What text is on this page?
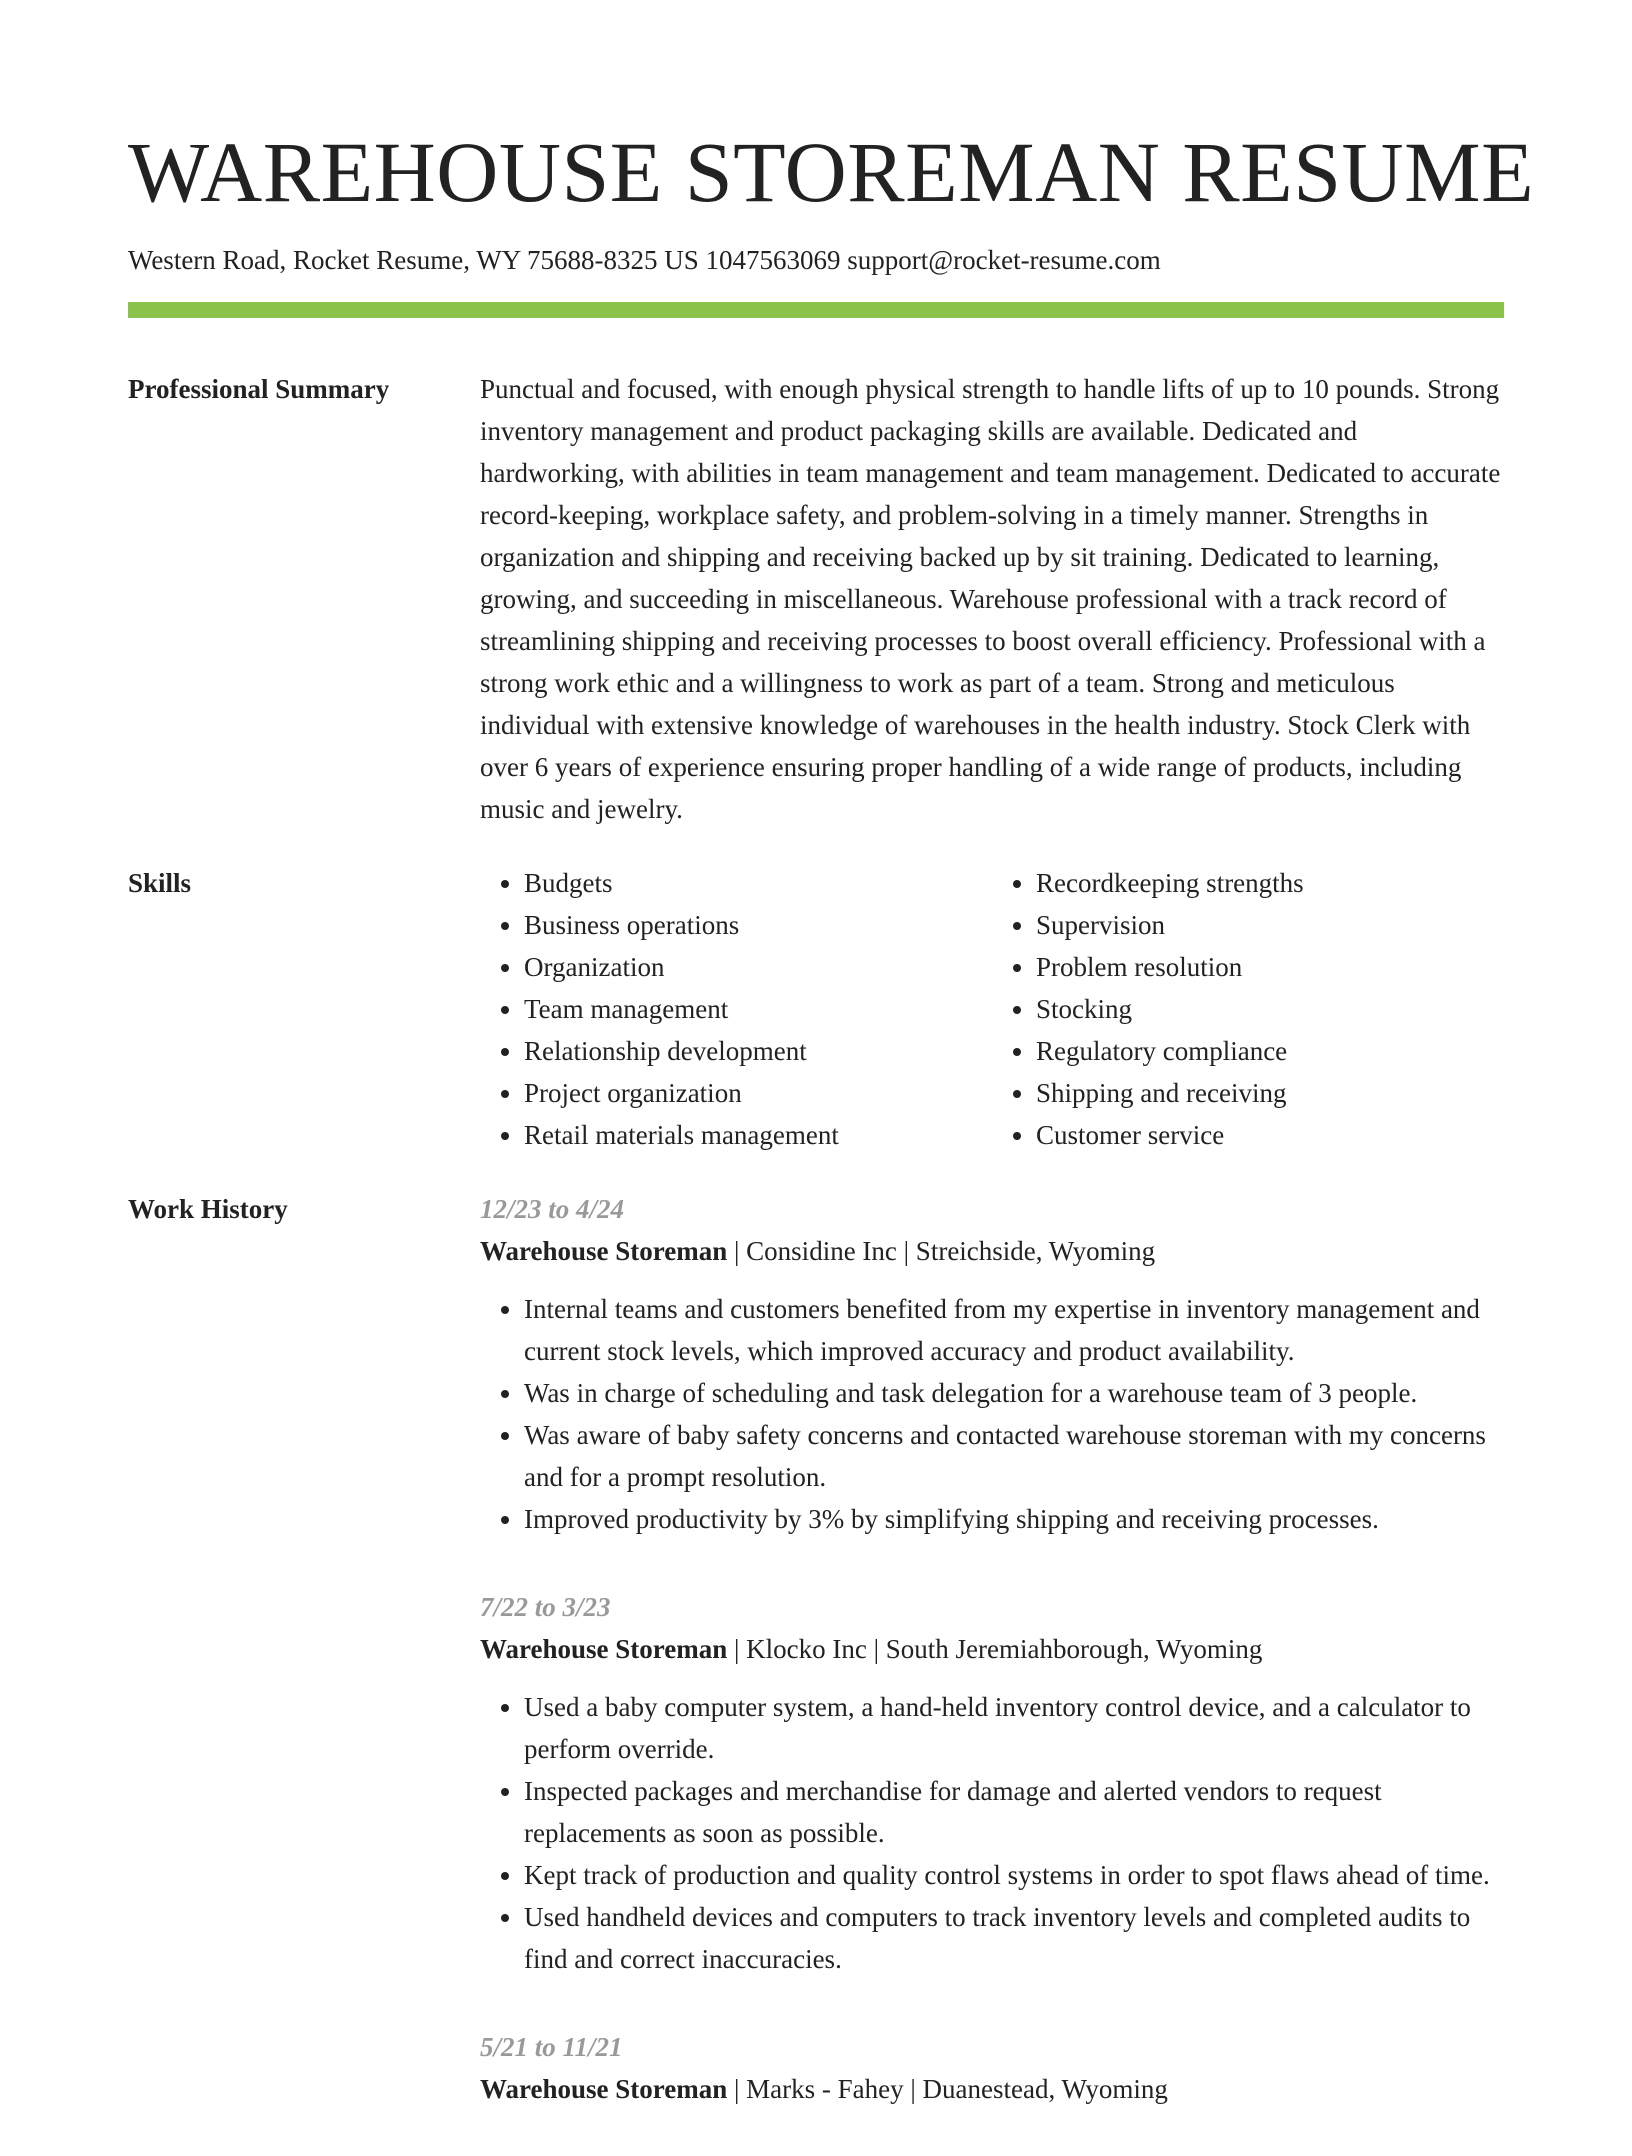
WAREHOUSE STOREMAN RESUME
Western Road, Rocket Resume, WY 75688-8325 US 1047563069 support@rocket-resume.com
Professional Summary	Punctual and focused, with enough physical strength to handle lifts of up to 10 pounds. Strong inventory management and product packaging skills are available. Dedicated and hardworking, with abilities in team management and team management. Dedicated to accurate record-keeping, workplace safety, and problem-solving in a timely manner. Strengths in organization and shipping and receiving backed up by sit training. Dedicated to learning, growing, and succeeding in miscellaneous. Warehouse professional with a track record of streamlining shipping and receiving processes to boost overall efficiency. Professional with a strong work ethic and a willingness to work as part of a team. Strong and meticulous individual with extensive knowledge of warehouses in the health industry. Stock Clerk with over 6 years of experience ensuring proper handling of a wide range of products, including music and jewelry.

Skills
•	Budgets
• Business operations
• Organization
• Team management
• Relationship development
• Project organization
• Retail materials management
• Recordkeeping strengths
• Supervision
• Problem resolution
• Stocking
• Regulatory compliance
• Shipping and receiving
• Customer service
Work History	12/23 to 4/24
Warehouse Storeman | Considine Inc | Streichside, Wyoming
• Internal teams and customers benefited from my expertise in inventory management and current stock levels, which improved accuracy and product availability.
• Was in charge of scheduling and task delegation for a warehouse team of 3 people.
• Was aware of baby safety concerns and contacted warehouse storeman with my concerns and for a prompt resolution.
• Improved productivity by 3% by simplifying shipping and receiving processes.
7/22 to 3/23
Warehouse Storeman | Klocko Inc | South Jeremiahborough, Wyoming
• Used a baby computer system, a hand-held inventory control device, and a calculator to perform override.
• Inspected packages and merchandise for damage and alerted vendors to request replacements as soon as possible.
• Kept track of production and quality control systems in order to spot flaws ahead of time.
• Used handheld devices and computers to track inventory levels and completed audits to find and correct inaccuracies.
5/21 to 11/21
Warehouse Storeman | Marks - Fahey | Duanestead, Wyoming
